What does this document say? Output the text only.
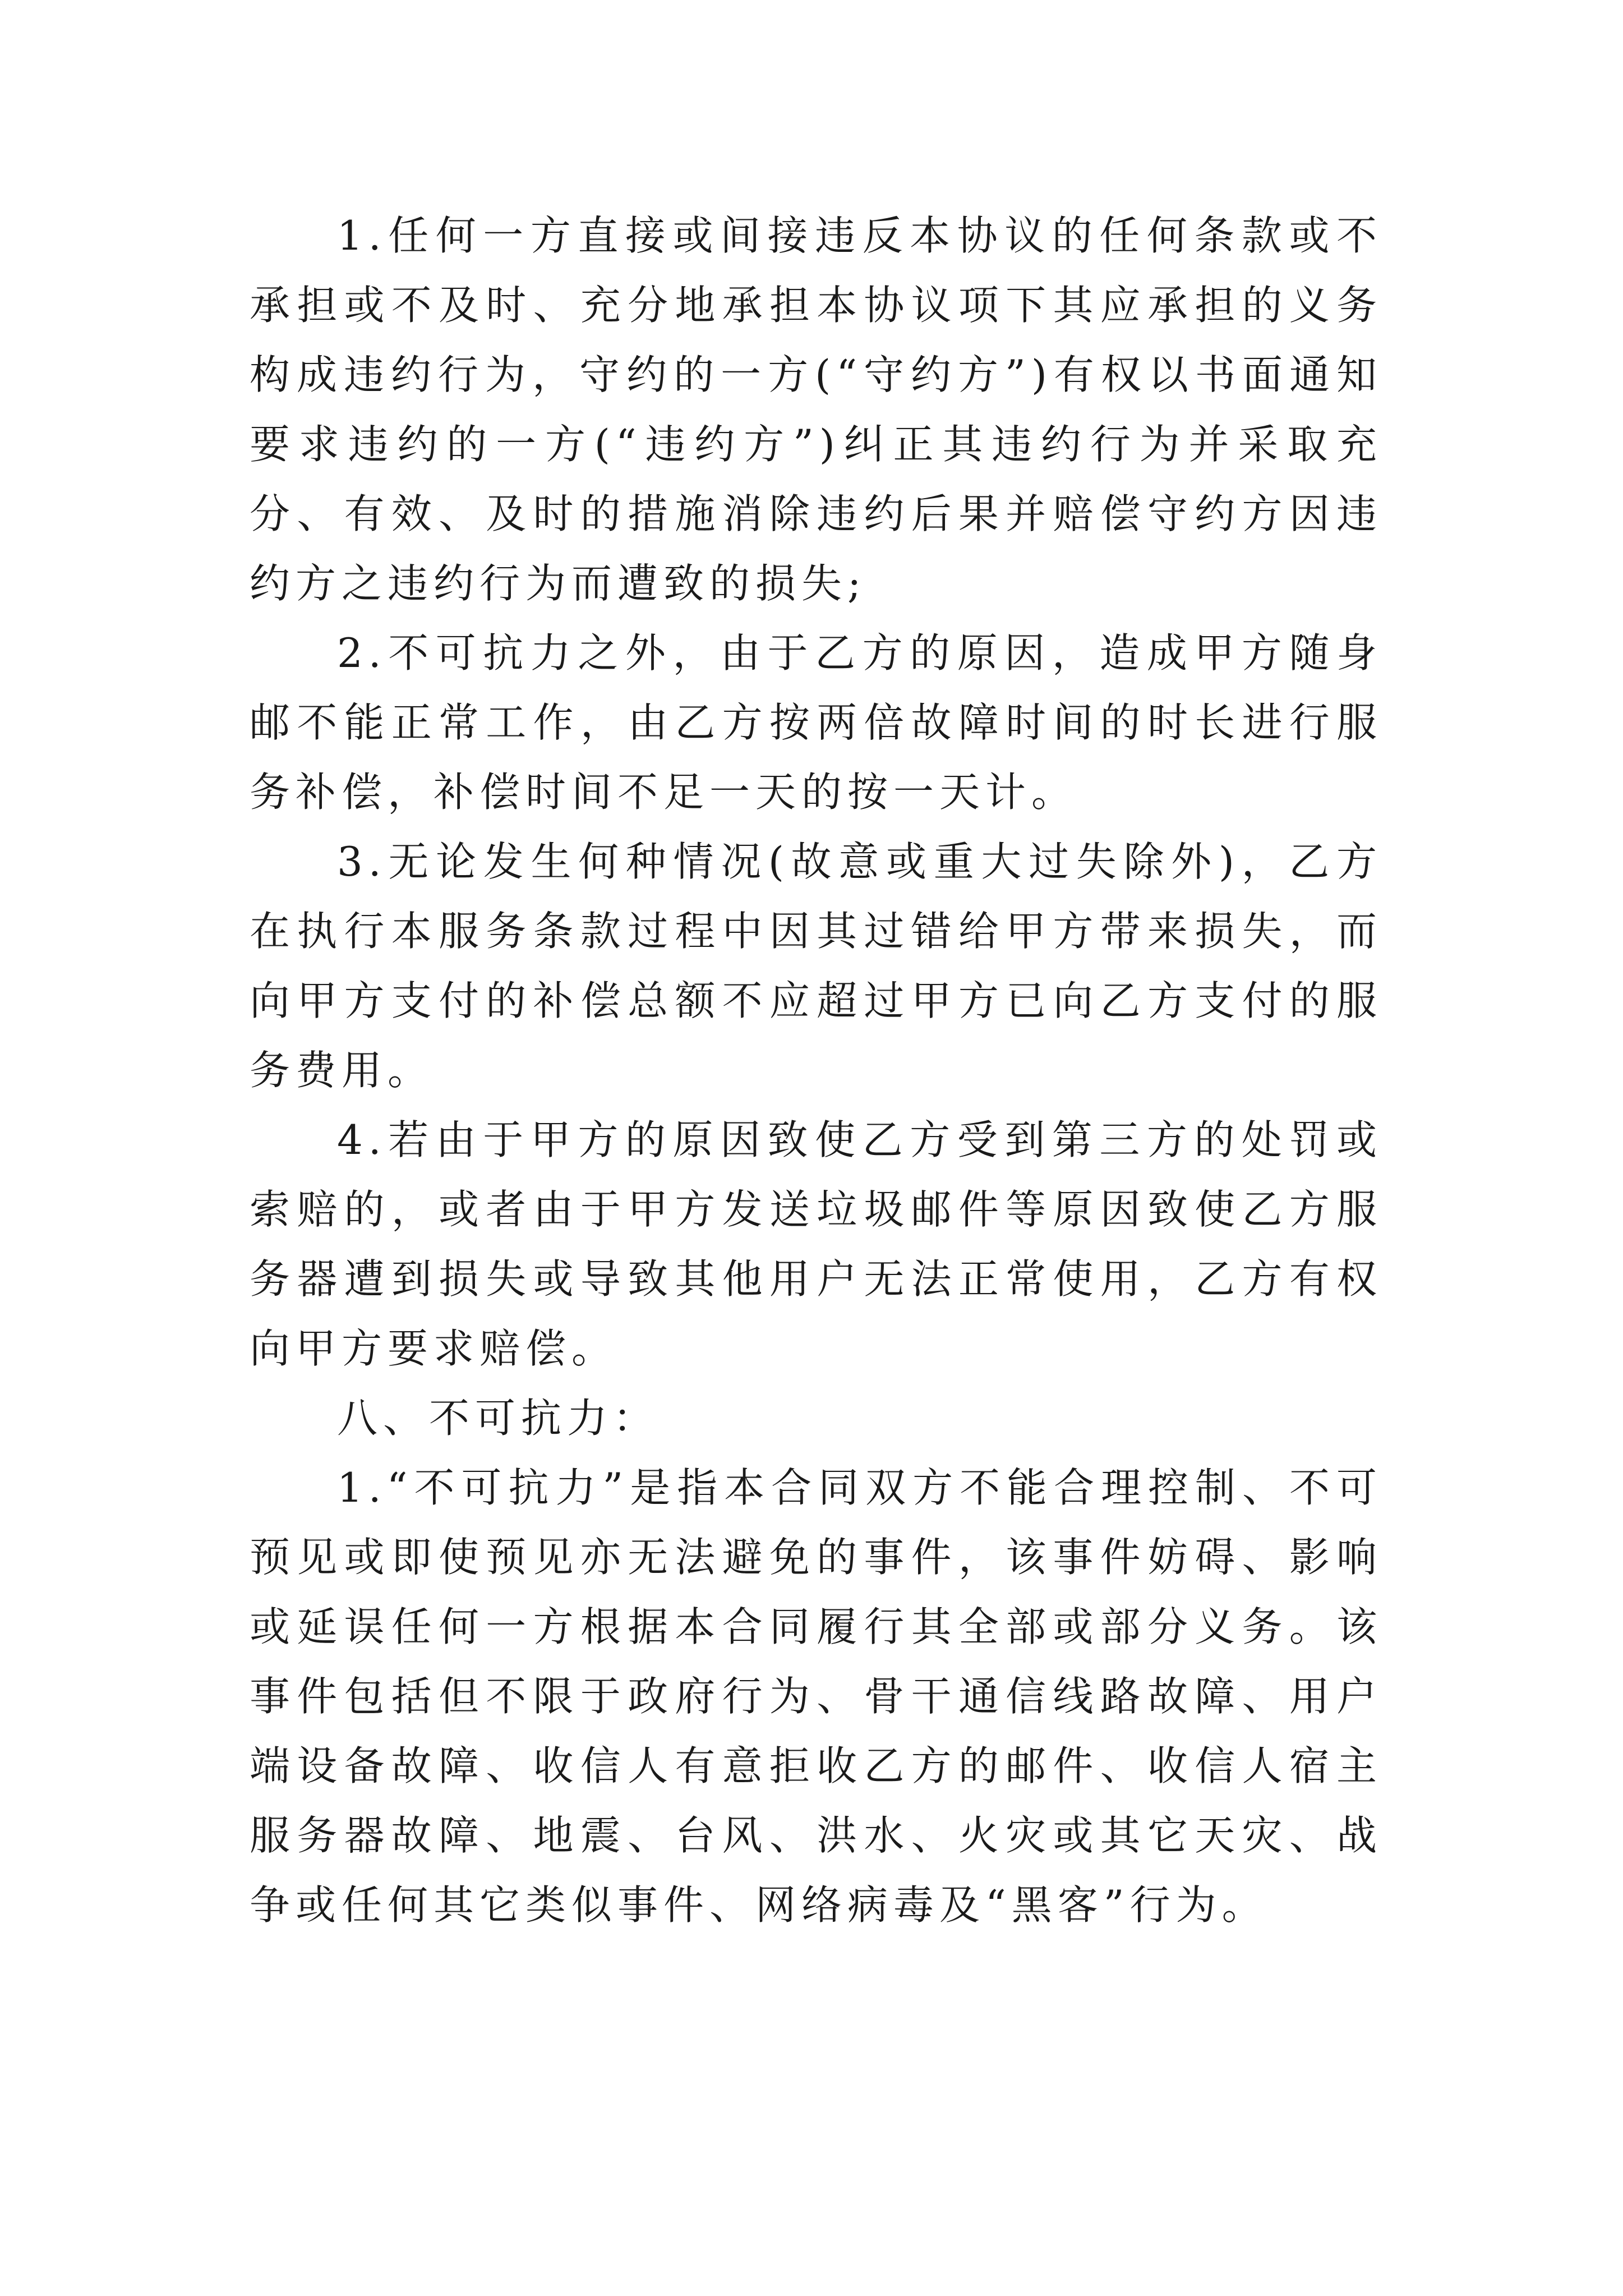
1.任何一方直接或间接违反本协议的任何条款或不承担或不及时、充分地承担本协议项下其应承担的义务构成违约行为，守约的一方(“守约方”)有权以书面通知要求违约的一方(“违约方”)纠正其违约行为并采取充分、有效、及时的措施消除违约后果并赔偿守约方因违约方之违约行为而遭致的损失;

2.不可抗力之外，由于乙方的原因，造成甲方随身邮不能正常工作，由乙方按两倍故障时间的时长进行服务补偿，补偿时间不足一天的按一天计。

3.无论发生何种情况(故意或重大过失除外)，乙方在执行本服务条款过程中因其过错给甲方带来损失，而向甲方支付的补偿总额不应超过甲方已向乙方支付的服务费用。

4.若由于甲方的原因致使乙方受到第三方的处罚或索赔的，或者由于甲方发送垃圾邮件等原因致使乙方服务器遭到损失或导致其他用户无法正常使用，乙方有权向甲方要求赔偿。

八、不可抗力：

1.“不可抗力”是指本合同双方不能合理控制、不可预见或即使预见亦无法避免的事件，该事件妨碍、影响或延误任何一方根据本合同履行其全部或部分义务。该事件包括但不限于政府行为、骨干通信线路故障、用户端设备故障、收信人有意拒收乙方的邮件、收信人宿主服务器故障、地震、台风、洪水、火灾或其它天灾、战争或任何其它类似事件、网络病毒及“黑客”行为。
